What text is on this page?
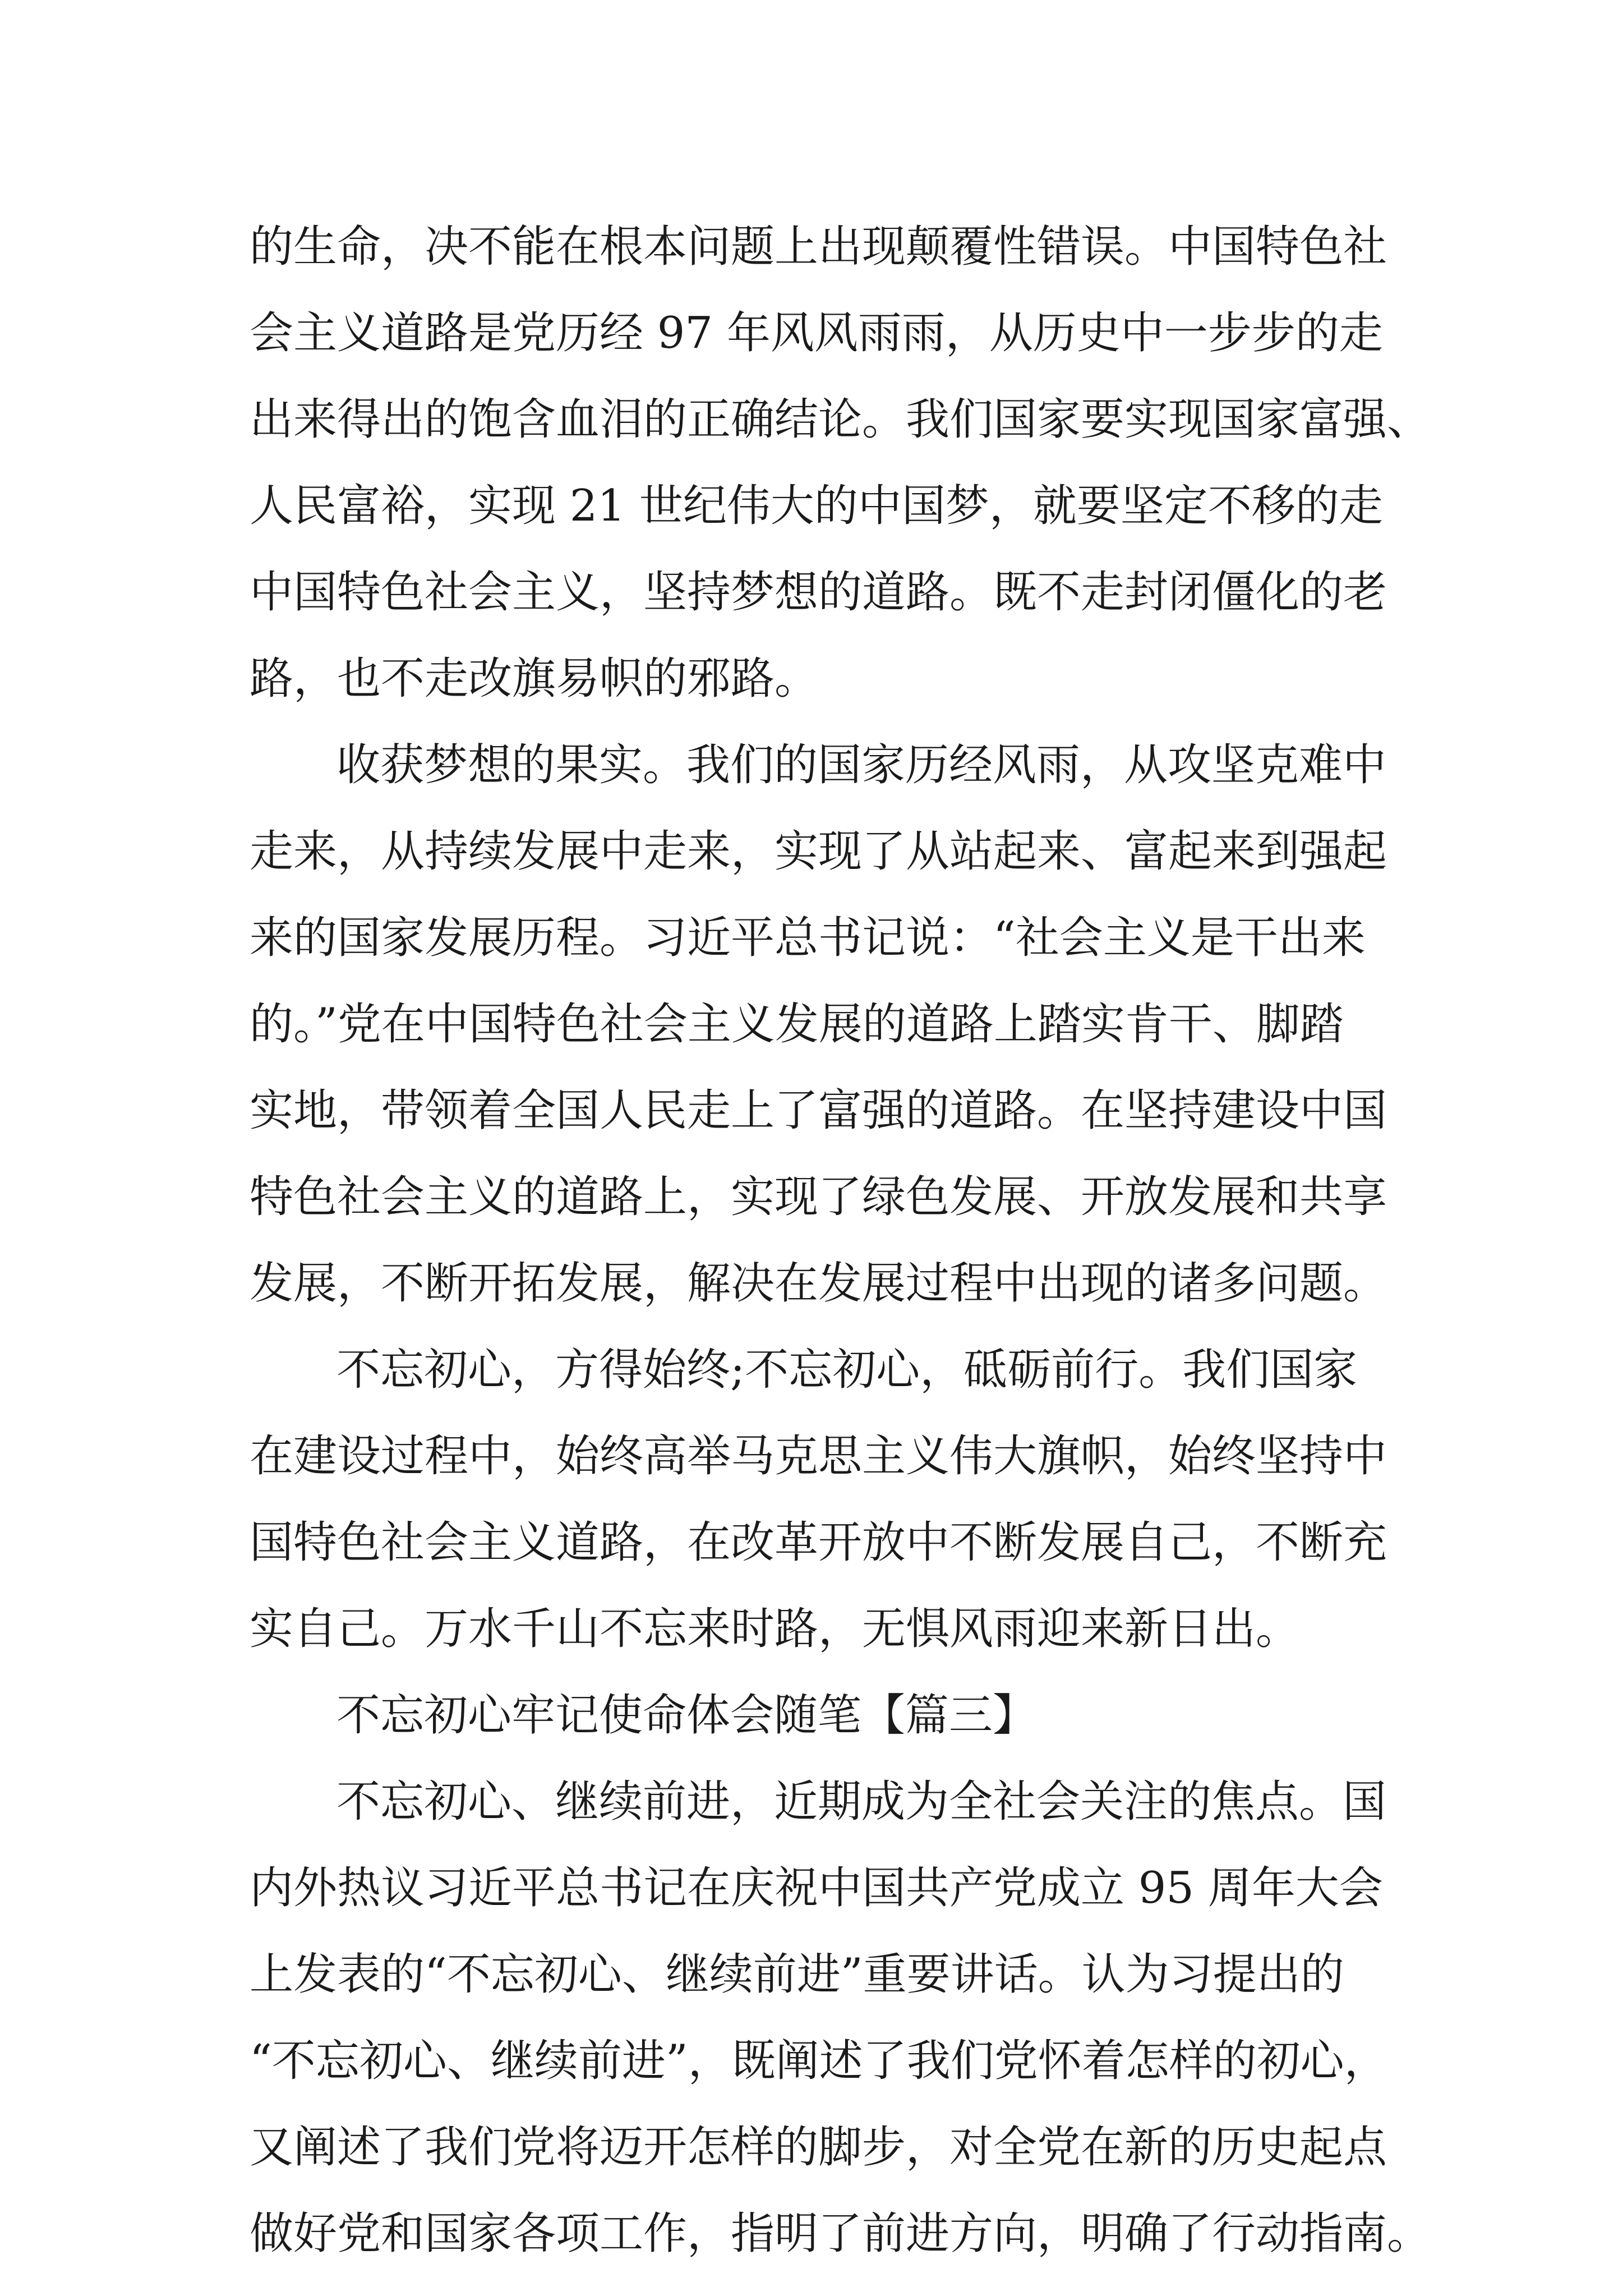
的生命，决不能在根本问题上出现颠覆性错误。中国特色社
会主义道路是党历经 97 年风风雨雨，从历史中一步步的走
出来得出的饱含血泪的正确结论。我们国家要实现国家富强、
人民富裕，实现 21 世纪伟大的中国梦，就要坚定不移的走
中国特色社会主义，坚持梦想的道路。既不走封闭僵化的老
路，也不走改旗易帜的邪路。
收获梦想的果实。我们的国家历经风雨，从攻坚克难中
走来，从持续发展中走来，实现了从站起来、富起来到强起
来的国家发展历程。习近平总书记说：“社会主义是干出来
的。”党在中国特色社会主义发展的道路上踏实肯干、脚踏
实地，带领着全国人民走上了富强的道路。在坚持建设中国
特色社会主义的道路上，实现了绿色发展、开放发展和共享
发展，不断开拓发展，解决在发展过程中出现的诸多问题。
不忘初心，方得始终;不忘初心，砥砺前行。我们国家
在建设过程中，始终高举马克思主义伟大旗帜，始终坚持中
国特色社会主义道路，在改革开放中不断发展自己，不断充
实自己。万水千山不忘来时路，无惧风雨迎来新日出。
不忘初心牢记使命体会随笔【篇三】
不忘初心、继续前进，近期成为全社会关注的焦点。国
内外热议习近平总书记在庆祝中国共产党成立 95 周年大会
上发表的“不忘初心、继续前进”重要讲话。认为习提出的
“不忘初心、继续前进”，既阐述了我们党怀着怎样的初心，
又阐述了我们党将迈开怎样的脚步，对全党在新的历史起点
做好党和国家各项工作，指明了前进方向，明确了行动指南。
